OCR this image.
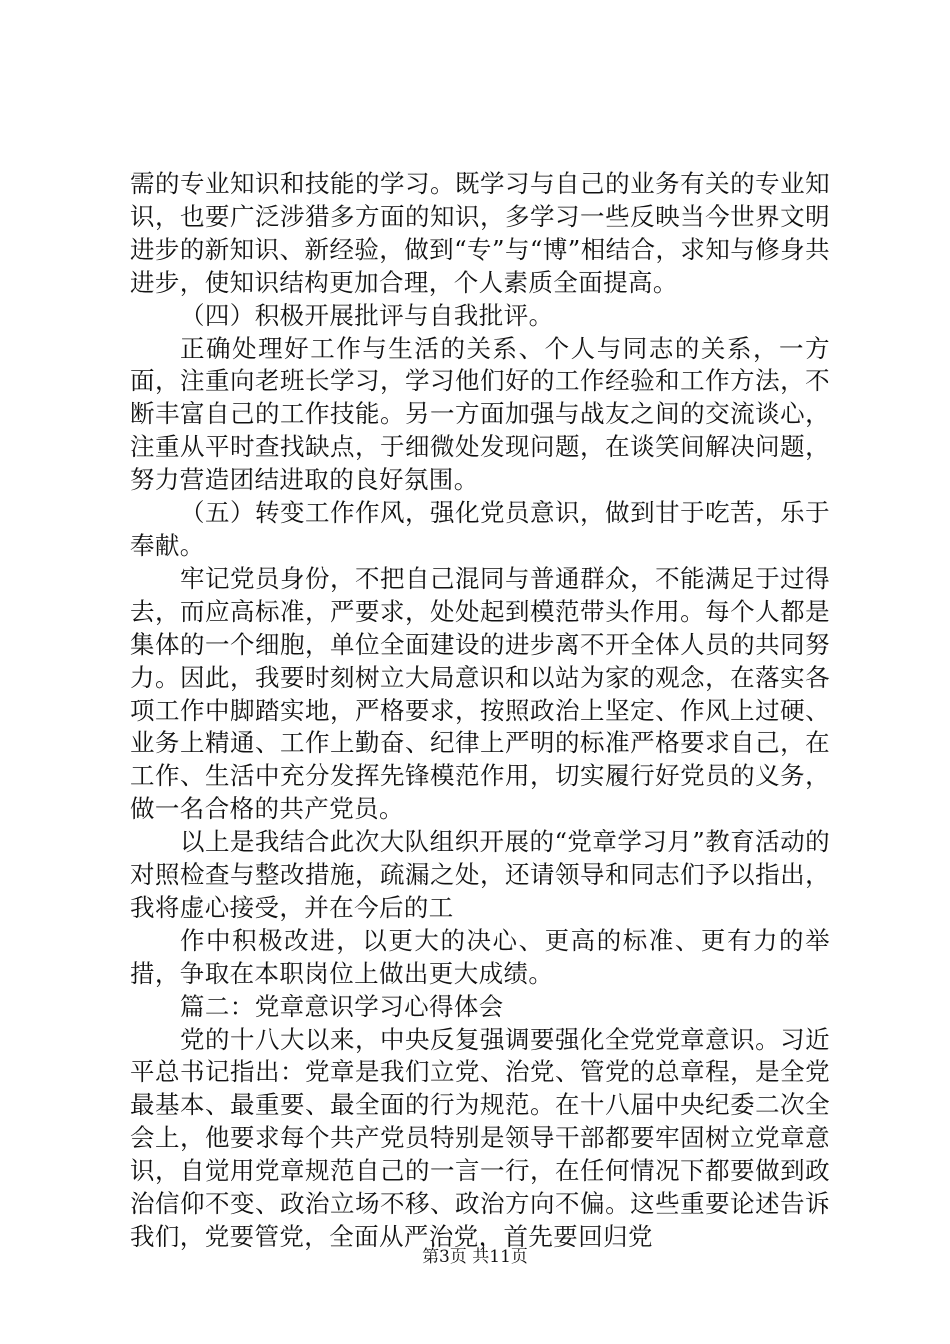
需的专业知识和技能的学习。既学习与自己的业务有关的专业知识，也要广泛涉猎多方面的知识，多学习一些反映当今世界文明进步的新知识、新经验，做到“专”与“博”相结合，求知与修身共进步，使知识结构更加合理，个人素质全面提高。

（四）积极开展批评与自我批评。

正确处理好工作与生活的关系、个人与同志的关系，一方面，注重向老班长学习，学习他们好的工作经验和工作方法，不断丰富自己的工作技能。另一方面加强与战友之间的交流谈心，注重从平时查找缺点，于细微处发现问题，在谈笑间解决问题，努力营造团结进取的良好氛围。

（五）转变工作作风，强化党员意识，做到甘于吃苦，乐于奉献。

牢记党员身份，不把自己混同与普通群众，不能满足于过得去，而应高标准，严要求，处处起到模范带头作用。每个人都是集体的一个细胞，单位全面建设的进步离不开全体人员的共同努力。因此，我要时刻树立大局意识和以站为家的观念，在落实各项工作中脚踏实地，严格要求，按照政治上坚定、作风上过硬、业务上精通、工作上勤奋、纪律上严明的标准严格要求自己，在工作、生活中充分发挥先锋模范作用，切实履行好党员的义务，做一名合格的共产党员。

以上是我结合此次大队组织开展的“党章学习月”教育活动的对照检查与整改措施，疏漏之处，还请领导和同志们予以指出，我将虚心接受，并在今后的工

作中积极改进，以更大的决心、更高的标准、更有力的举措，争取在本职岗位上做出更大成绩。

篇二：党章意识学习心得体会

党的十八大以来，中央反复强调要强化全党党章意识。习近平总书记指出：党章是我们立党、治党、管党的总章程，是全党最基本、最重要、最全面的行为规范。在十八届中央纪委二次全会上，他要求每个共产党员特别是领导干部都要牢固树立党章意识，自觉用党章规范自己的一言一行，在任何情况下都要做到政治信仰不变、政治立场不移、政治方向不偏。这些重要论述告诉我们，党要管党，全面从严治党，首先要回归党

第3页 共11页
